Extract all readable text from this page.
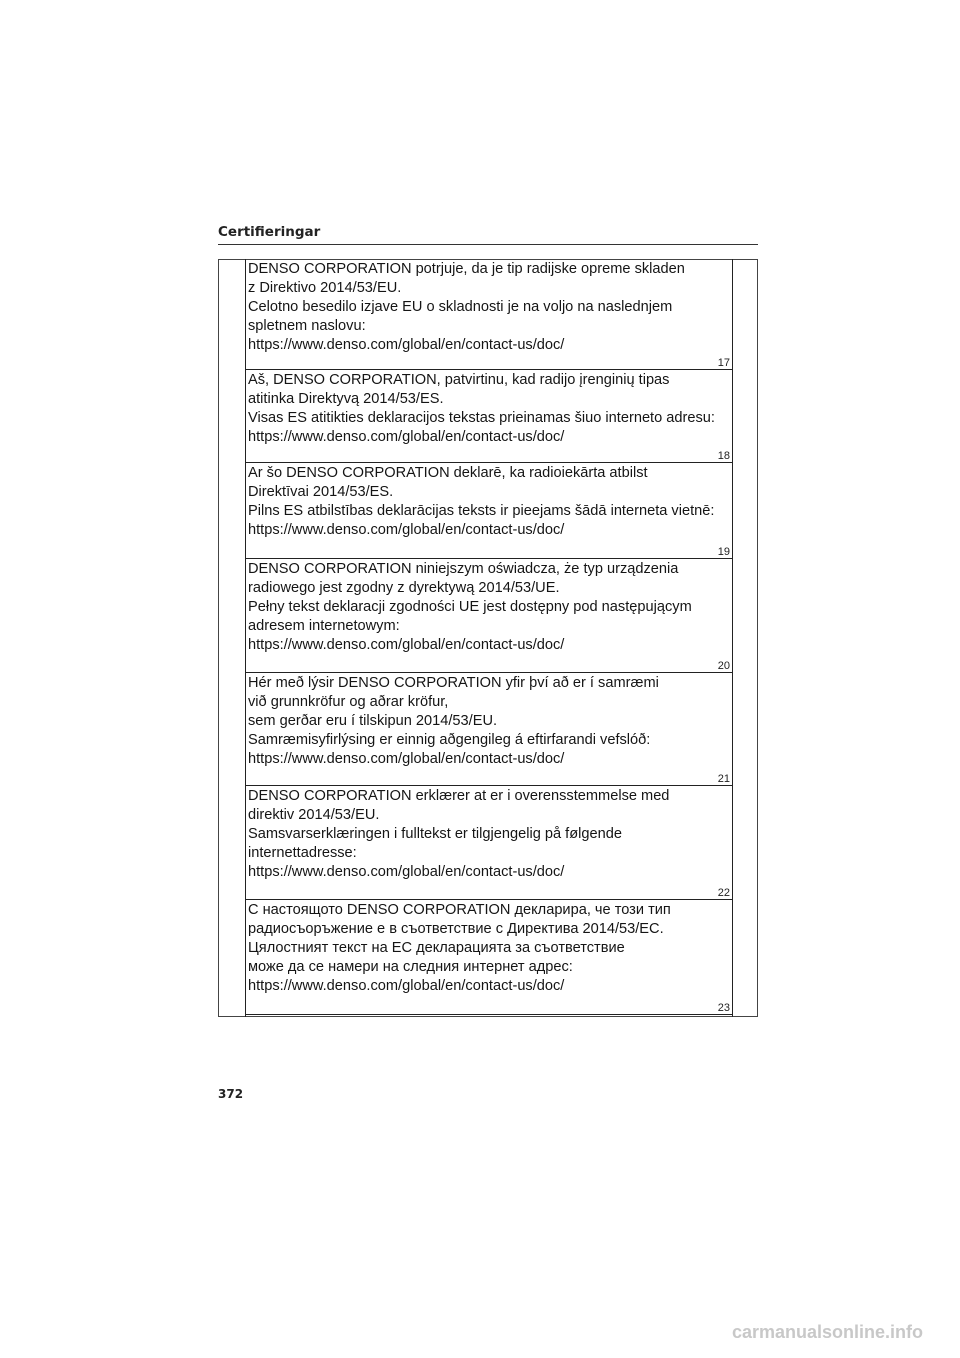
Certifieringar
DENSO CORPORATION potrjuje, da je tip radijske opreme skladen
z Direktivo 2014/53/EU.
Celotno besedilo izjave EU o skladnosti je na voljo na naslednjem
spletnem naslovu:
https://www.denso.com/global/en/contact-us/doc/
17
Aš, DENSO CORPORATION, patvirtinu, kad radijo įrenginių tipas
atitinka Direktyvą 2014/53/ES.
Visas ES atitikties deklaracijos tekstas prieinamas šiuo interneto adresu:
https://www.denso.com/global/en/contact-us/doc/
18
Ar šo DENSO CORPORATION deklarē, ka radioiekārta atbilst
Direktīvai 2014/53/ES.
Pilns ES atbilstības deklarācijas teksts ir pieejams šādā interneta vietnē:
https://www.denso.com/global/en/contact-us/doc/
19
DENSO CORPORATION niniejszym oświadcza, że typ urządzenia
radiowego jest zgodny z dyrektywą 2014/53/UE.
Pełny tekst deklaracji zgodności UE jest dostępny pod następującym
adresem internetowym:
https://www.denso.com/global/en/contact-us/doc/
20
Hér með lýsir DENSO CORPORATION yfir því að er í samræmi
við grunnkröfur og aðrar kröfur,
sem gerðar eru í tilskipun 2014/53/EU.
Samræmisyfirlýsing er einnig aðgengileg á eftirfarandi vefslóð:
https://www.denso.com/global/en/contact-us/doc/
21
DENSO CORPORATION erklærer at er i overensstemmelse med
direktiv 2014/53/EU.
Samsvarserklæringen i fulltekst er tilgjengelig på følgende
internettadresse:
https://www.denso.com/global/en/contact-us/doc/
22
С настоящото DENSO CORPORATION декларира, че този тип
радиосъоръжение е в съответствие с Директива 2014/53/ЕС.
Цялостният текст на ЕС декларацията за съответствие
може да се намери на следния интернет адрес:
https://www.denso.com/global/en/contact-us/doc/
23
372
carmanualsonline.info
